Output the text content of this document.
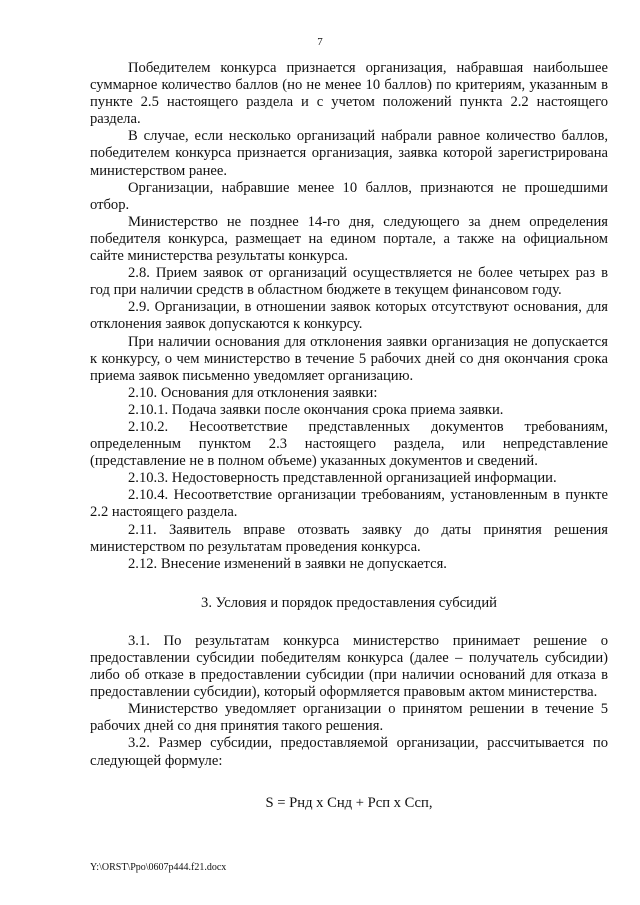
7

Победителем конкурса признается организация, набравшая наибольшее суммарное количество баллов (но не менее 10 баллов) по критериям, указанным в пункте 2.5 настоящего раздела и с учетом положений пункта 2.2 настоящего раздела.

В случае, если несколько организаций набрали равное количество баллов, победителем конкурса признается организация, заявка которой зарегистрирована министерством ранее.

Организации, набравшие менее 10 баллов, признаются не прошедшими отбор.

Министерство не позднее 14-го дня, следующего за днем определения победителя конкурса, размещает на едином портале, а также на официальном сайте министерства результаты конкурса.

2.8. Прием заявок от организаций осуществляется не более четырех раз в год при наличии средств в областном бюджете в текущем финансовом году.

2.9. Организации, в отношении заявок которых отсутствуют основания, для отклонения заявок допускаются к конкурсу.

При наличии основания для отклонения заявки организация не допускается к конкурсу, о чем министерство в течение 5 рабочих дней со дня окончания срока приема заявок письменно уведомляет организацию.

2.10. Основания для отклонения заявки:

2.10.1. Подача заявки после окончания срока приема заявки.

2.10.2. Несоответствие представленных документов требованиям, определенным пунктом 2.3 настоящего раздела, или непредставление (представление не в полном объеме) указанных документов и сведений.

2.10.3. Недостоверность представленной организацией информации.

2.10.4. Несоответствие организации требованиям, установленным в пункте 2.2 настоящего раздела.

2.11. Заявитель вправе отозвать заявку до даты принятия решения министерством по результатам проведения конкурса.

2.12. Внесение изменений в заявки не допускается.

3. Условия и порядок предоставления субсидий

3.1. По результатам конкурса министерство принимает решение о предоставлении субсидии победителям конкурса (далее – получатель субсидии) либо об отказе в предоставлении субсидии (при наличии оснований для отказа в предоставлении субсидии), который оформляется правовым актом министерства.

Министерство уведомляет организации о принятом решении в течение 5 рабочих дней со дня принятия такого решения.

3.2. Размер субсидии, предоставляемой организации, рассчитывается по следующей формуле:

S = Рнд x Снд + Рсп x Ссп,

Y:\ORST\Ppo\0607p444.f21.docx
